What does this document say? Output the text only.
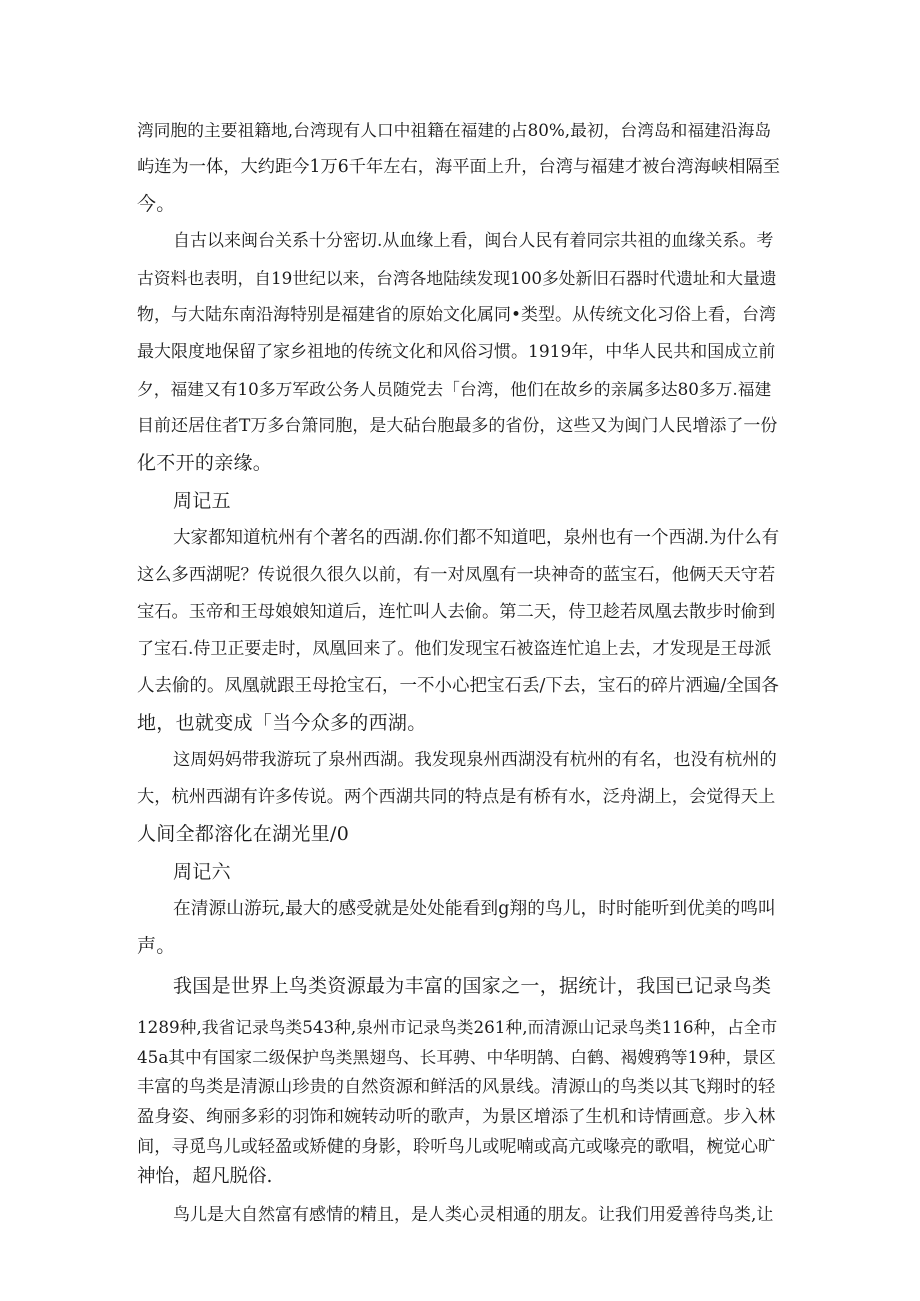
湾同胞的主要祖籍地,台湾现有人口中祖籍在福建的占80%,最初，台湾岛和福建沿海岛
屿连为一体，大约距今1万6千年左右，海平面上升，台湾与福建才被台湾海峡相隔至
今。
自古以来闽台关系十分密切.从血缘上看，闽台人民有着同宗共祖的血缘关系。考
古资料也表明，自19世纪以来，台湾各地陆续发现100多处新旧石器时代遗址和大量遗
物，与大陆东南沿海特别是福建省的原始文化属同•类型。从传统文化习俗上看，台湾
最大限度地保留了家乡祖地的传统文化和风俗习惯。1919年，中华人民共和国成立前
夕，福建又有10多万军政公务人员随党去「台湾，他们在故乡的亲属多达80多万.福建
目前还居住者T万多台箫同胞，是大砧台胞最多的省份，这些又为闽门人民增添了一份
化不开的亲缘。
周记五
大家都知道杭州有个著名的西湖.你们都不知道吧，泉州也有一个西湖.为什么有
这么多西湖呢？传说很久很久以前，有一对凤凰有一块神奇的蓝宝石，他俩天天守若
宝石。玉帝和王母娘娘知道后，连忙叫人去偷。第二天，侍卫趁若凤凰去散步时偷到
了宝石.侍卫正要走时，凤凰回来了。他们发现宝石被盗连忙追上去，才发现是王母派
人去偷的。凤凰就跟王母抢宝石，一不小心把宝石丢/下去，宝石的碎片洒遍/全国各
地，也就变成「当今众多的西湖。
这周妈妈带我游玩了泉州西湖。我发现泉州西湖没有杭州的有名，也没有杭州的
大，杭州西湖有许多传说。两个西湖共同的特点是有桥有水，泛舟湖上，会觉得天上
人间全都溶化在湖光里/0
周记六
在清源山游玩,最大的感受就是处处能看到g翔的鸟儿，时时能听到优美的鸣叫
声。
我国是世界上鸟类资源最为丰富的国家之一，据统计，我国已记录鸟类
1289种,我省记录鸟类543种,泉州市记录鸟类261种,而清源山记录鸟类116种，占全市
45a其中有国家二级保护鸟类黑翅鸟、长耳骋、中华明鹄、白鹤、褐嫂鸦等19种，景区
丰富的鸟类是清源山珍贵的自然资源和鲜活的风景线。清源山的鸟类以其飞翔时的轻
盈身姿、绚丽多彩的羽饰和婉转动听的歌声，为景区增添了生机和诗情画意。步入林
间，寻觅鸟儿或轻盈或矫健的身影，聆听鸟儿或呢喃或高亢或喙亮的歌唱，椀觉心旷
神怡，超凡脱俗.
鸟儿是大自然富有感情的精且，是人类心灵相通的朋友。让我们用爱善待鸟类,让
